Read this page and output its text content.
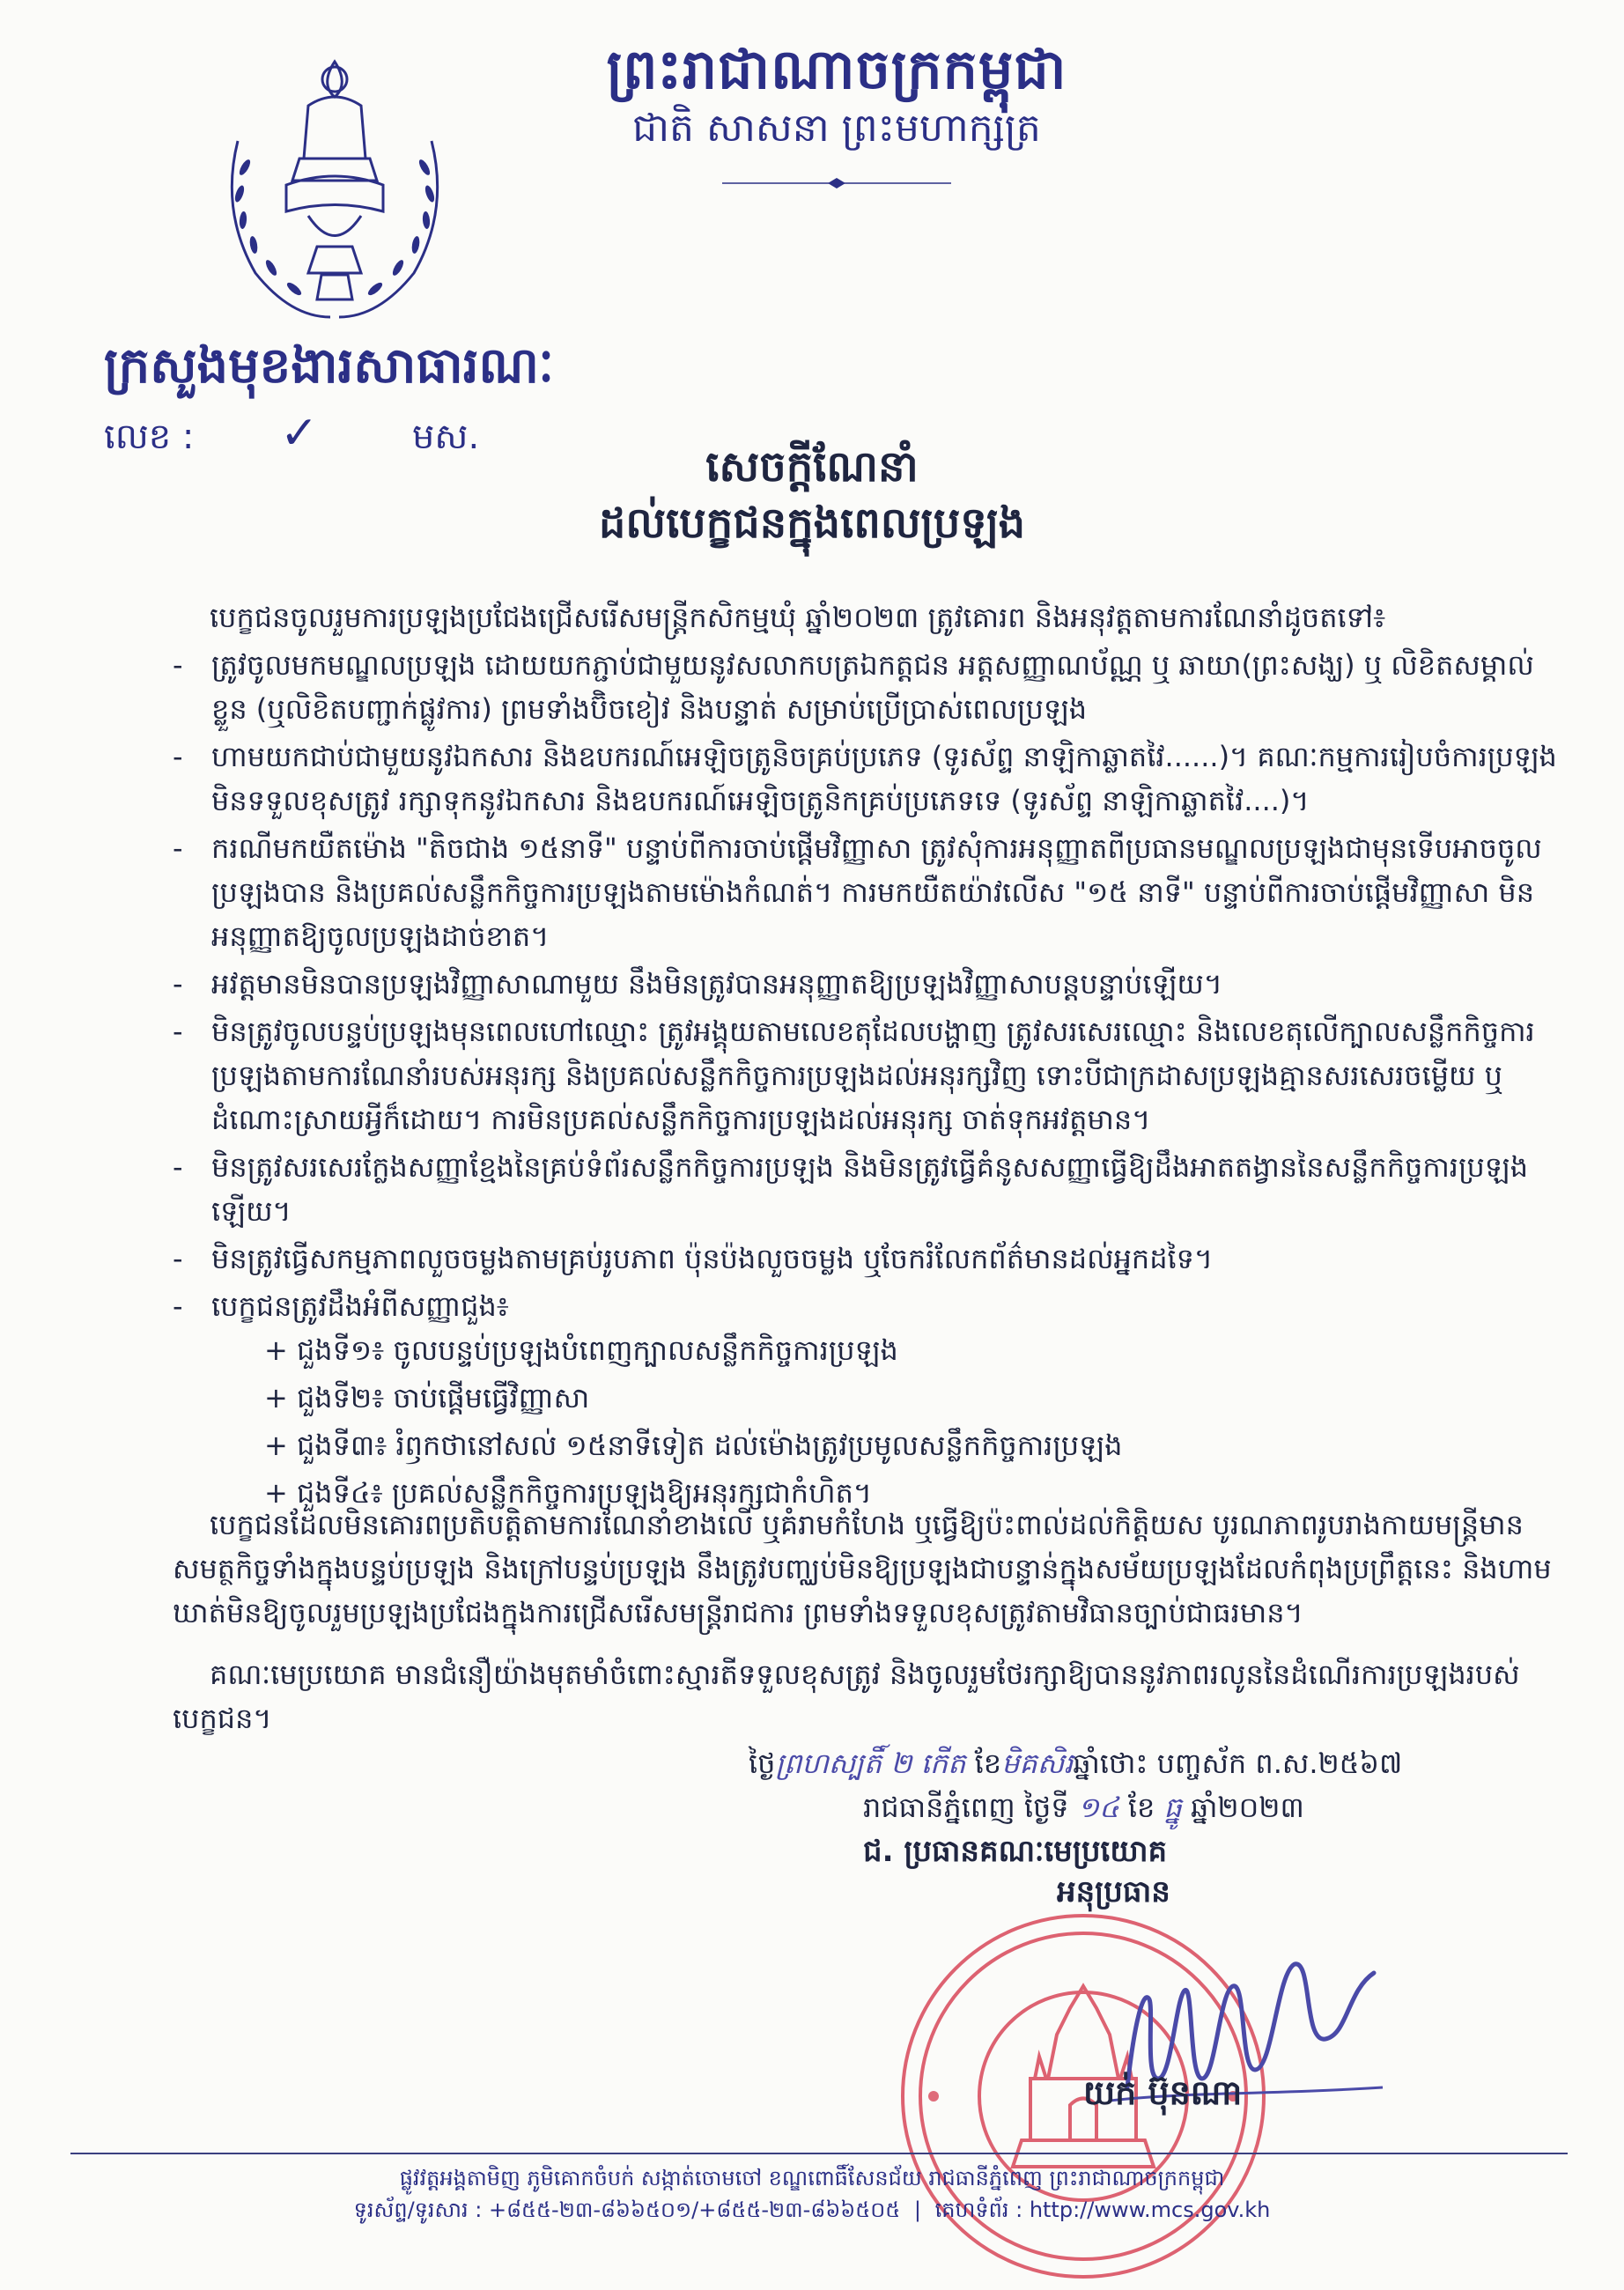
ព្រះរាជាណាចក្រកម្ពុជា
ជាតិ សាសនា ព្រះមហាក្សត្រ
ក្រសួងមុខងារសាធារណៈ
លេខ : ✓	មស.
សេចក្តីណែនាំ
ដល់បេក្ខជនក្នុងពេលប្រឡង
បេក្ខជនចូលរួមការប្រឡងប្រជែងជ្រើសរើសមន្ត្រីកសិកម្មឃុំ ឆ្នាំ២០២៣ ត្រូវគោរព និងអនុវត្តតាមការណែនាំដូចតទៅ៖
- ត្រូវចូលមកមណ្ឌលប្រឡង ដោយយកភ្ជាប់ជាមួយនូវសលាកបត្រឯកត្តជន អត្តសញ្ញាណប័ណ្ណ ឬ ឆាយា(ព្រះសង្ឃ) ឬ លិខិតសម្គាល់ខ្លួន (ឬលិខិតបញ្ជាក់ផ្លូវការ) ព្រមទាំងប៊ិចខៀវ និងបន្ទាត់ សម្រាប់ប្រើប្រាស់ពេលប្រឡង
- ហាមយកជាប់ជាមួយនូវឯកសារ និងឧបករណ៍អេឡិចត្រូនិចគ្រប់ប្រភេទ (ទូរស័ព្ទ នាឡិកាឆ្លាតវៃ......)។ គណៈកម្មការរៀបចំការប្រឡងមិនទទួលខុសត្រូវ រក្សាទុកនូវឯកសារ និងឧបករណ៍អេឡិចត្រូនិកគ្រប់ប្រភេទទេ (ទូរស័ព្ទ នាឡិកាឆ្លាតវៃ....)។
- ករណីមកយឺតម៉ោង "តិចជាង ១៥នាទី" បន្ទាប់ពីការចាប់ផ្តើមវិញ្ញាសា ត្រូវសុំការអនុញ្ញាតពីប្រធានមណ្ឌលប្រឡងជាមុនទើបអាចចូលប្រឡងបាន និងប្រគល់សន្លឹកកិច្ចការប្រឡងតាមម៉ោងកំណត់។ ការមកយឺតយ៉ាវលើស "១៥ នាទី" បន្ទាប់ពីការចាប់ផ្តើមវិញ្ញាសា មិនអនុញ្ញាតឱ្យចូលប្រឡងដាច់ខាត។
- អវត្តមានមិនបានប្រឡងវិញ្ញាសាណាមួយ នឹងមិនត្រូវបានអនុញ្ញាតឱ្យប្រឡងវិញ្ញាសាបន្តបន្ទាប់ឡើយ។
- មិនត្រូវចូលបន្ទប់ប្រឡងមុនពេលហៅឈ្មោះ ត្រូវអង្គុយតាមលេខតុដែលបង្ហាញ ត្រូវសរសេរឈ្មោះ និងលេខតុលើក្បាលសន្លឹកកិច្ចការប្រឡងតាមការណែនាំរបស់អនុរក្ស និងប្រគល់សន្លឹកកិច្ចការប្រឡងដល់អនុរក្សវិញ ទោះបីជាក្រដាសប្រឡងគ្មានសរសេរចម្លើយ ឬដំណោះស្រាយអ្វីក៏ដោយ។ ការមិនប្រគល់សន្លឹកកិច្ចការប្រឡងដល់អនុរក្ស ចាត់ទុកអវត្តមាន។
- មិនត្រូវសរសេរក្លែងសញ្ញាខ្មែងនៃគ្រប់ទំព័រសន្លឹកកិច្ចការប្រឡង និងមិនត្រូវធ្វើគំនូសសញ្ញាធ្វើឱ្យដឹងអាតតង្វាននៃសន្លឹកកិច្ចការប្រឡងឡើយ។
- មិនត្រូវធ្វើសកម្មភាពលួចចម្លងតាមគ្រប់រូបភាព ប៉ុនប៉ងលួចចម្លង ឬចែករំលែកព័ត៌មានដល់អ្នកដទៃ។
- បេក្ខជនត្រូវដឹងអំពីសញ្ញាជួង៖
+ ជួងទី១៖ ចូលបន្ទប់ប្រឡងបំពេញក្បាលសន្លឹកកិច្ចការប្រឡង
+ ជួងទី២៖ ចាប់ផ្តើមធ្វើវិញ្ញាសា
+ ជួងទី៣៖ រំឭកថានៅសល់ ១៥នាទីទៀត ដល់ម៉ោងត្រូវប្រមូលសន្លឹកកិច្ចការប្រឡង
+ ជួងទី៤៖ ប្រគល់សន្លឹកកិច្ចការប្រឡងឱ្យអនុរក្សជាកំហិត។
បេក្ខជនដែលមិនគោរពប្រតិបត្តិតាមការណែនាំខាងលើ ឬគំរាមកំហែង ឬធ្វើឱ្យប៉ះពាល់ដល់កិត្តិយស បូរណភាពរូបរាងកាយមន្ត្រីមានសមត្ថកិច្ចទាំងក្នុងបន្ទប់ប្រឡង និងក្រៅបន្ទប់ប្រឡង នឹងត្រូវបញ្ឈប់មិនឱ្យប្រឡងជាបន្ទាន់ក្នុងសម័យប្រឡងដែលកំពុងប្រព្រឹត្តនេះ និងហាមឃាត់មិនឱ្យចូលរួមប្រឡងប្រជែងក្នុងការជ្រើសរើសមន្ត្រីរាជការ ព្រមទាំងទទួលខុសត្រូវតាមវិធានច្បាប់ជាធរមាន។
គណៈមេប្រយោគ មានជំនឿយ៉ាងមុតមាំចំពោះស្មារតីទទួលខុសត្រូវ និងចូលរួមថែរក្សាឱ្យបាននូវភាពរលូននៃដំណើរការប្រឡងរបស់បេក្ខជន។
ថ្ងៃព្រហស្បតិ៍ ២ កើត ខែមិគសិរឆ្នាំថោះ បញ្ចស័ក ព.ស.២៥៦៧
រាជធានីភ្នំពេញ ថ្ងៃទី ១៤ ខែ ធ្នូ ឆ្នាំ២០២៣
ជ. ប្រធានគណៈមេប្រយោគ
អនុប្រធាន
យក់ ប៊ុនណា
ផ្លូវវត្តអង្គតាមិញ ភូមិគោកចំបក់ សង្កាត់ចោមចៅ ខណ្ឌពោធិ៍សែនជ័យ រាជធានីភ្នំពេញ ព្រះរាជាណាចក្រកម្ពុជា
ទូរស័ព្ទ/ទូរសារ : +៨៥៥-២៣-៨៦៦៥០១/+៨៥៥-២៣-៨៦៦៥០៥ | គេហទំព័រ : http://www.mcs.gov.kh
